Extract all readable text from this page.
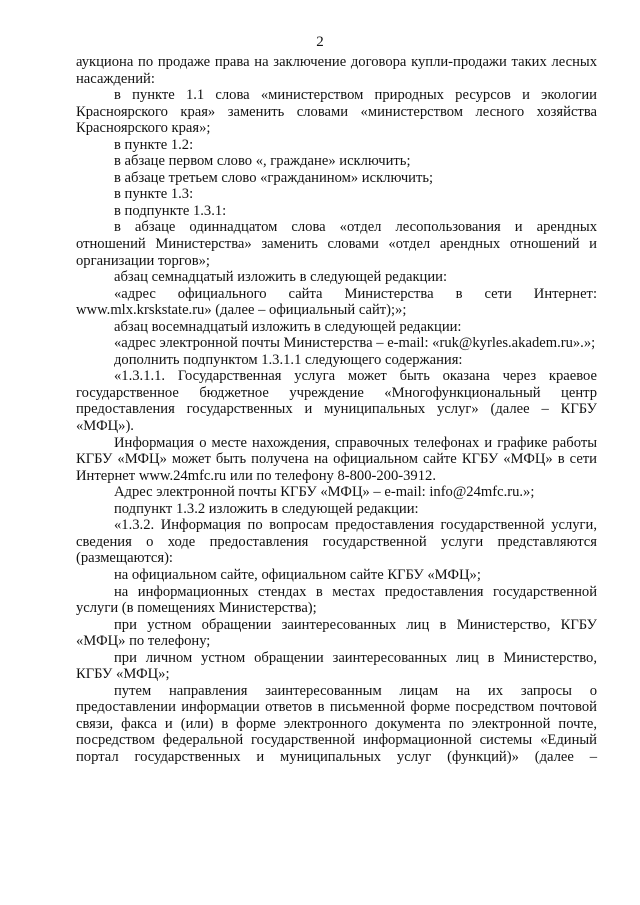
2

аукциона по продаже права на заключение договора купли-продажи таких лесных насаждений:

в пункте 1.1 слова «министерством природных ресурсов и экологии Красноярского края» заменить словами «министерством лесного хозяйства Красноярского края»;

в пункте 1.2:

в абзаце первом слово «, граждане» исключить;

в абзаце третьем слово «гражданином» исключить;

в пункте 1.3:

в подпункте 1.3.1:

в абзаце одиннадцатом слова «отдел лесопользования и арендных отношений Министерства» заменить словами «отдел арендных отношений и организации торгов»;

абзац семнадцатый изложить в следующей редакции:

«адрес официального сайта Министерства в сети Интернет: www.mlx.krskstate.ru» (далее – официальный сайт);»;

абзац восемнадцатый изложить в следующей редакции:

«адрес электронной почты Министерства – e-mail: «ruk@kyrles.akadem.ru».»;

дополнить подпунктом 1.3.1.1 следующего содержания:

«1.3.1.1. Государственная услуга может быть оказана через краевое государственное бюджетное учреждение «Многофункциональный центр предоставления государственных и муниципальных услуг» (далее – КГБУ «МФЦ»).

Информация о месте нахождения, справочных телефонах и графике работы КГБУ «МФЦ» может быть получена на официальном сайте КГБУ «МФЦ» в сети Интернет www.24mfc.ru или по телефону 8-800-200-3912.

Адрес электронной почты КГБУ «МФЦ» – e-mail: info@24mfc.ru.»;

подпункт 1.3.2 изложить в следующей редакции:

«1.3.2. Информация по вопросам предоставления государственной услуги, сведения о ходе предоставления государственной услуги представляются (размещаются):

на официальном сайте, официальном сайте КГБУ «МФЦ»;

на информационных стендах в местах предоставления государственной услуги (в помещениях Министерства);

при устном обращении заинтересованных лиц в Министерство, КГБУ «МФЦ» по телефону;

при личном устном обращении заинтересованных лиц в Министерство, КГБУ «МФЦ»;

путем направления заинтересованным лицам на их запросы о предоставлении информации ответов в письменной форме посредством почтовой связи, факса и (или) в форме электронного документа по электронной почте, посредством федеральной государственной информационной системы «Единый портал государственных и муниципальных услуг (функций)» (далее –
